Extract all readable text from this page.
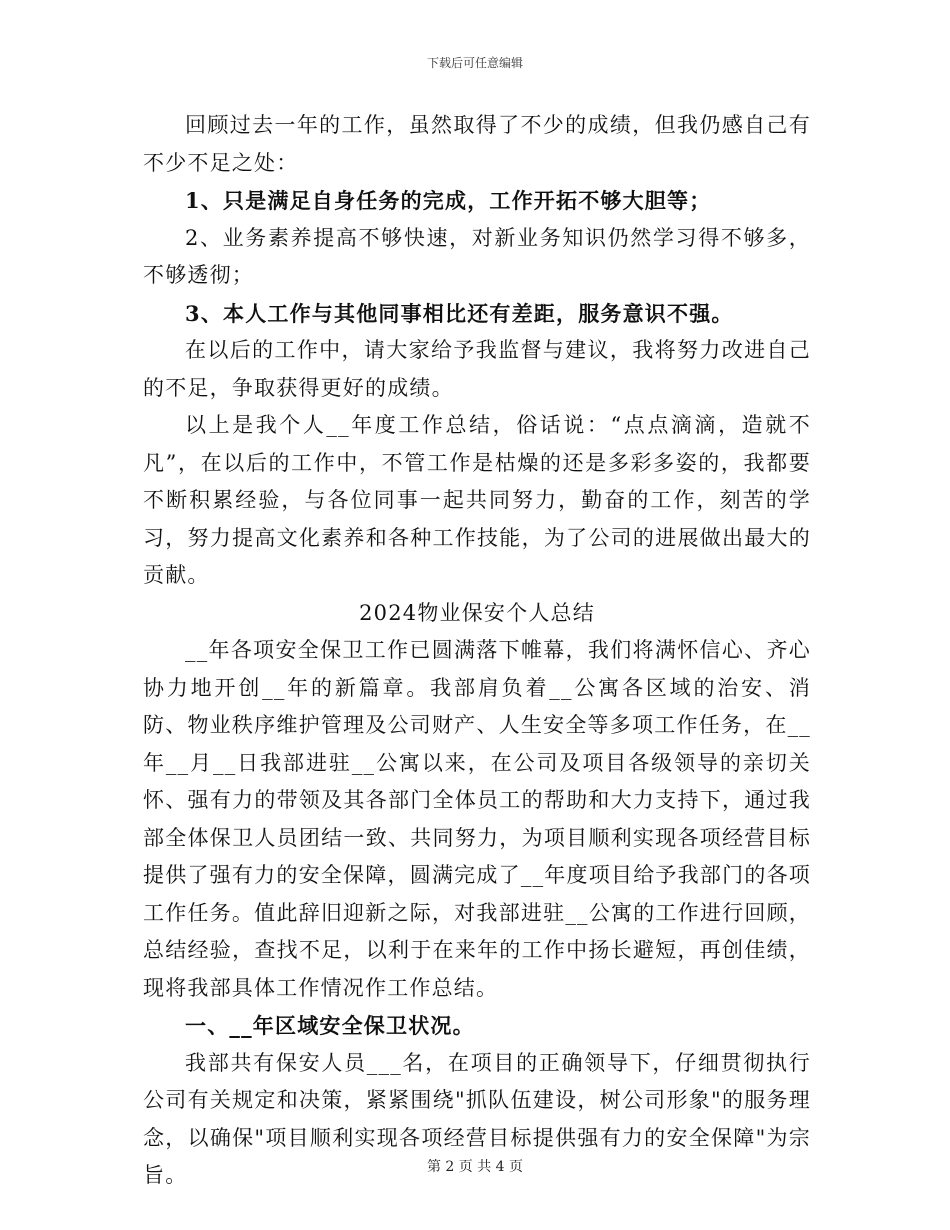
下载后可任意编辑

回顾过去一年的工作，虽然取得了不少的成绩，但我仍感自己有不少不足之处：

1、只是满足自身任务的完成，工作开拓不够大胆等；

2、业务素养提高不够快速，对新业务知识仍然学习得不够多，不够透彻；

3、本人工作与其他同事相比还有差距，服务意识不强。

在以后的工作中，请大家给予我监督与建议，我将努力改进自己的不足，争取获得更好的成绩。

以上是我个人__年度工作总结，俗话说：“点点滴滴，造就不凡”，在以后的工作中，不管工作是枯燥的还是多彩多姿的，我都要不断积累经验，与各位同事一起共同努力，勤奋的工作，刻苦的学习，努力提高文化素养和各种工作技能，为了公司的进展做出最大的贡献。

2024物业保安个人总结

__年各项安全保卫工作已圆满落下帷幕，我们将满怀信心、齐心协力地开创__年的新篇章。我部肩负着__公寓各区域的治安、消防、物业秩序维护管理及公司财产、人生安全等多项工作任务，在__年__月__日我部进驻__公寓以来，在公司及项目各级领导的亲切关怀、强有力的带领及其各部门全体员工的帮助和大力支持下，通过我部全体保卫人员团结一致、共同努力，为项目顺利实现各项经营目标提供了强有力的安全保障，圆满完成了__年度项目给予我部门的各项工作任务。值此辞旧迎新之际，对我部进驻__公寓的工作进行回顾，总结经验，查找不足，以利于在来年的工作中扬长避短，再创佳绩，现将我部具体工作情况作工作总结。

一、__年区域安全保卫状况。

我部共有保安人员___名，在项目的正确领导下，仔细贯彻执行公司有关规定和决策，紧紧围绕"抓队伍建设，树公司形象"的服务理念，以确保"项目顺利实现各项经营目标提供强有力的安全保障"为宗旨。	第 2 页 共 4 页
